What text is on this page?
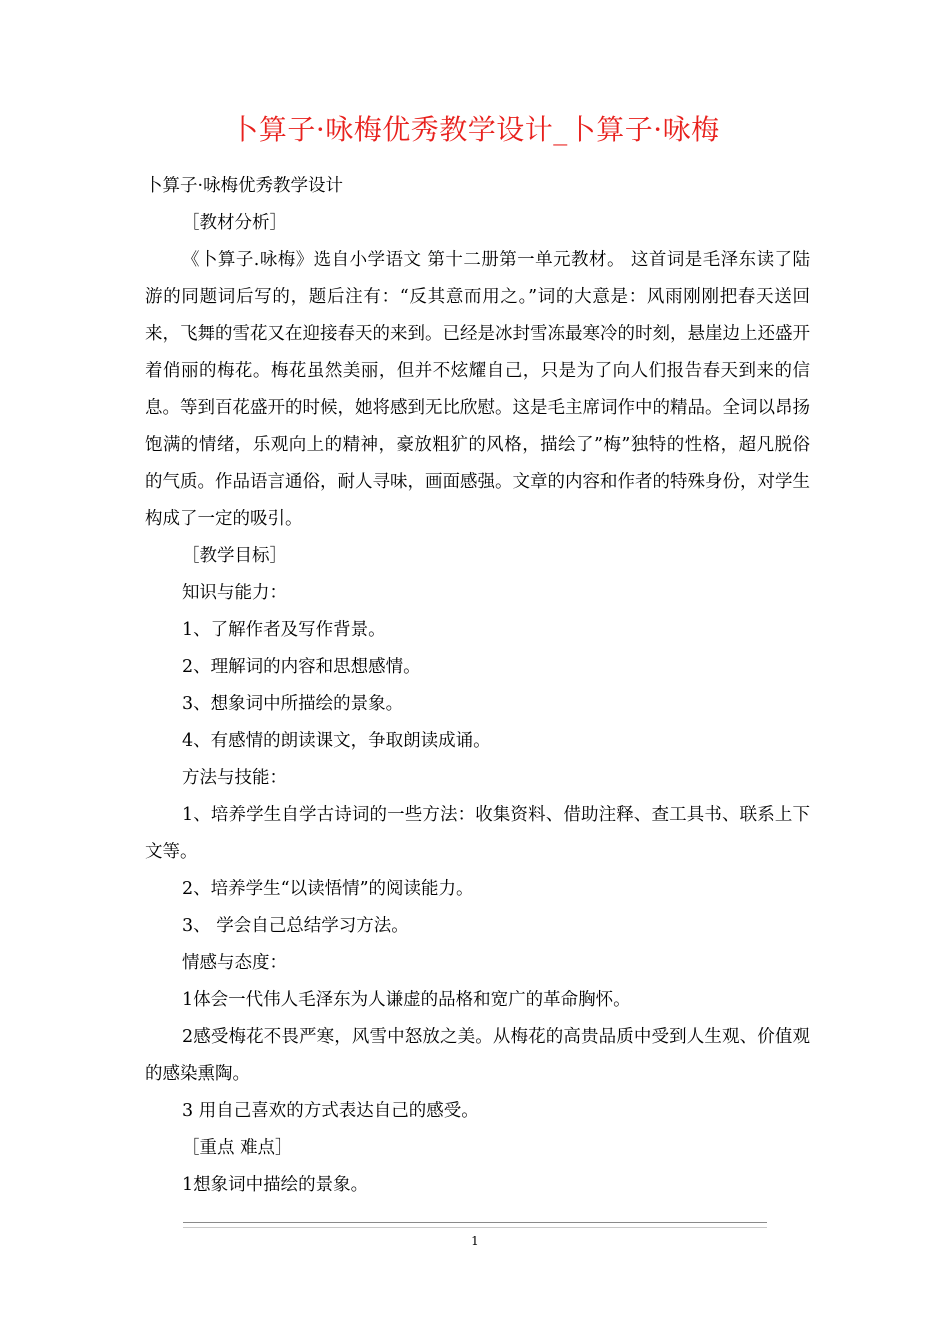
卜算子·咏梅优秀教学设计_卜算子·咏梅

卜算子·咏梅优秀教学设计

［教材分析］

《卜算子.咏梅》选自小学语文 第十二册第一单元教材。 这首词是毛泽东读了陆游的同题词后写的，题后注有：“反其意而用之。”词的大意是：风雨刚刚把春天送回来，飞舞的雪花又在迎接春天的来到。已经是冰封雪冻最寒冷的时刻，悬崖边上还盛开着俏丽的梅花。梅花虽然美丽，但并不炫耀自己，只是为了向人们报告春天到来的信息。等到百花盛开的时候，她将感到无比欣慰。这是毛主席词作中的精品。全词以昂扬饱满的情绪，乐观向上的精神，豪放粗犷的风格，描绘了”梅”独特的性格，超凡脱俗的气质。作品语言通俗，耐人寻味，画面感强。文章的内容和作者的特殊身份，对学生构成了一定的吸引。

［教学目标］

知识与能力：

1、了解作者及写作背景。

2、理解词的内容和思想感情。

3、想象词中所描绘的景象。

4、有感情的朗读课文，争取朗读成诵。

方法与技能：

1、培养学生自学古诗词的一些方法：收集资料、借助注释、查工具书、联系上下文等。

2、培养学生“以读悟情”的阅读能力。

3、 学会自己总结学习方法。

情感与态度：

1体会一代伟人毛泽东为人谦虚的品格和宽广的革命胸怀。

2感受梅花不畏严寒，风雪中怒放之美。从梅花的高贵品质中受到人生观、价值观的感染熏陶。

3 用自己喜欢的方式表达自己的感受。

［重点 难点］

1想象词中描绘的景象。

1
